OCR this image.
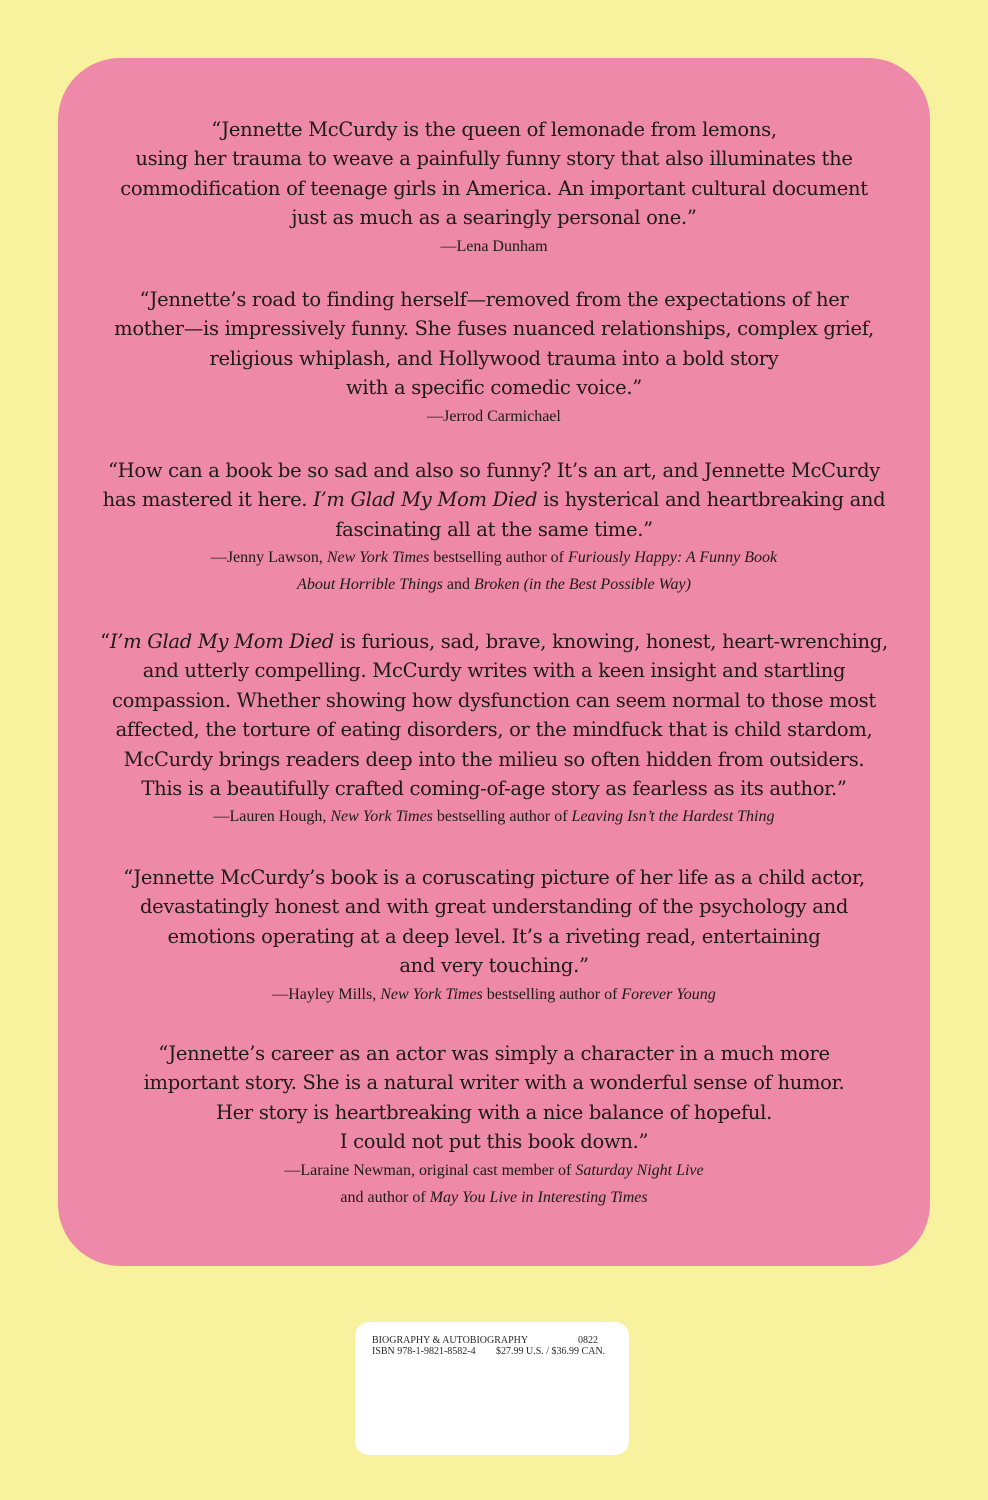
“Jennette McCurdy is the queen of lemonade from lemons,
using her trauma to weave a painfully funny story that also illuminates the
commodification of teenage girls in America. An important cultural document
just as much as a searingly personal one.”

—Lena Dunham

“Jennette’s road to finding herself—removed from the expectations of her
mother—is impressively funny. She fuses nuanced relationships, complex grief,
religious whiplash, and Hollywood trauma into a bold story
with a specific comedic voice.”

—Jerrod Carmichael

“How can a book be so sad and also so funny? It’s an art, and Jennette McCurdy
has mastered it here. I’m Glad My Mom Died is hysterical and heartbreaking and
fascinating all at the same time.”

—Jenny Lawson, New York Times bestselling author of Furiously Happy: A Funny Book
About Horrible Things and Broken (in the Best Possible Way)

“I’m Glad My Mom Died is furious, sad, brave, knowing, honest, heart-wrenching,
and utterly compelling. McCurdy writes with a keen insight and startling
compassion. Whether showing how dysfunction can seem normal to those most
affected, the torture of eating disorders, or the mindfuck that is child stardom,
McCurdy brings readers deep into the milieu so often hidden from outsiders.
This is a beautifully crafted coming-of-age story as fearless as its author.”

—Lauren Hough, New York Times bestselling author of Leaving Isn’t the Hardest Thing

“Jennette McCurdy’s book is a coruscating picture of her life as a child actor,
devastatingly honest and with great understanding of the psychology and
emotions operating at a deep level. It’s a riveting read, entertaining
and very touching.”

—Hayley Mills, New York Times bestselling author of Forever Young

“Jennette’s career as an actor was simply a character in a much more
important story. She is a natural writer with a wonderful sense of humor.
Her story is heartbreaking with a nice balance of hopeful.
I could not put this book down.”

—Laraine Newman, original cast member of Saturday Night Live
and author of May You Live in Interesting Times

BIOGRAPHY & AUTOBIOGRAPHY	0822
ISBN 978-1-9821-8582-4 $27.99 U.S. / $36.99 CAN.
